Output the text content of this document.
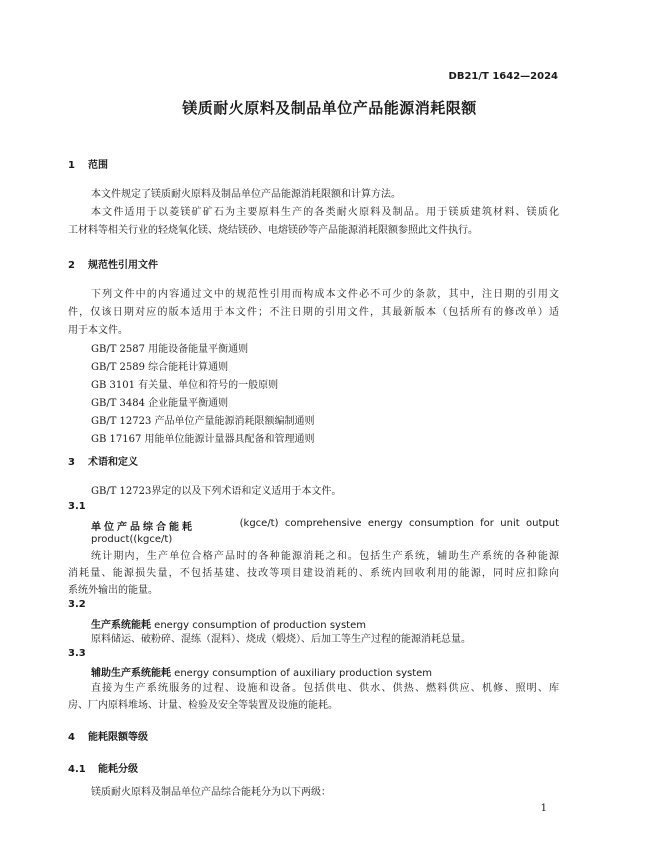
DB21/T 1642—2024
镁质耐火原料及制品单位产品能源消耗限额
1 范围
本文件规定了镁质耐火原料及制品单位产品能源消耗限额和计算方法。
本文件适用于以菱镁矿矿石为主要原料生产的各类耐火原料及制品。用于镁质建筑材料、镁质化
工材料等相关行业的轻烧氧化镁、烧结镁砂、电熔镁砂等产品能源消耗限额参照此文件执行。
2 规范性引用文件
下列文件中的内容通过文中的规范性引用而构成本文件必不可少的条款，其中，注日期的引用文
件，仅该日期对应的版本适用于本文件；不注日期的引用文件，其最新版本（包括所有的修改单）适
用于本文件。
GB/T 2587 用能设备能量平衡通则
GB/T 2589 综合能耗计算通则
GB 3101 有关量、单位和符号的一般原则
GB/T 3484 企业能量平衡通则
GB/T 12723 产品单位产量能源消耗限额编制通则
GB 17167 用能单位能源计量器具配备和管理通则
3 术语和定义
GB/T 12723界定的以及下列术语和定义适用于本文件。
3.1
单位产品综合能耗	(kgce/t)  comprehensive  energy  consumption  for  unit  output
product((kgce/t)
统计期内，生产单位合格产品时的各种能源消耗之和。包括生产系统，辅助生产系统的各种能源
消耗量、能源损失量，不包括基建、技改等项目建设消耗的、系统内回收利用的能源，同时应扣除向
系统外输出的能量。
3.2
生产系统能耗 energy consumption of production system
原料储运、破粉碎、混练（混料）、烧成（煅烧）、后加工等生产过程的能源消耗总量。
3.3
辅助生产系统能耗 energy consumption of auxiliary production system
直接为生产系统服务的过程、设施和设备。包括供电、供水、供热、燃料供应、机修、照明、库
房、厂内原料堆场、计量、检验及安全等装置及设施的能耗。
4 能耗限额等级
4.1 能耗分级
镁质耐火原料及制品单位产品综合能耗分为以下两级：
1
